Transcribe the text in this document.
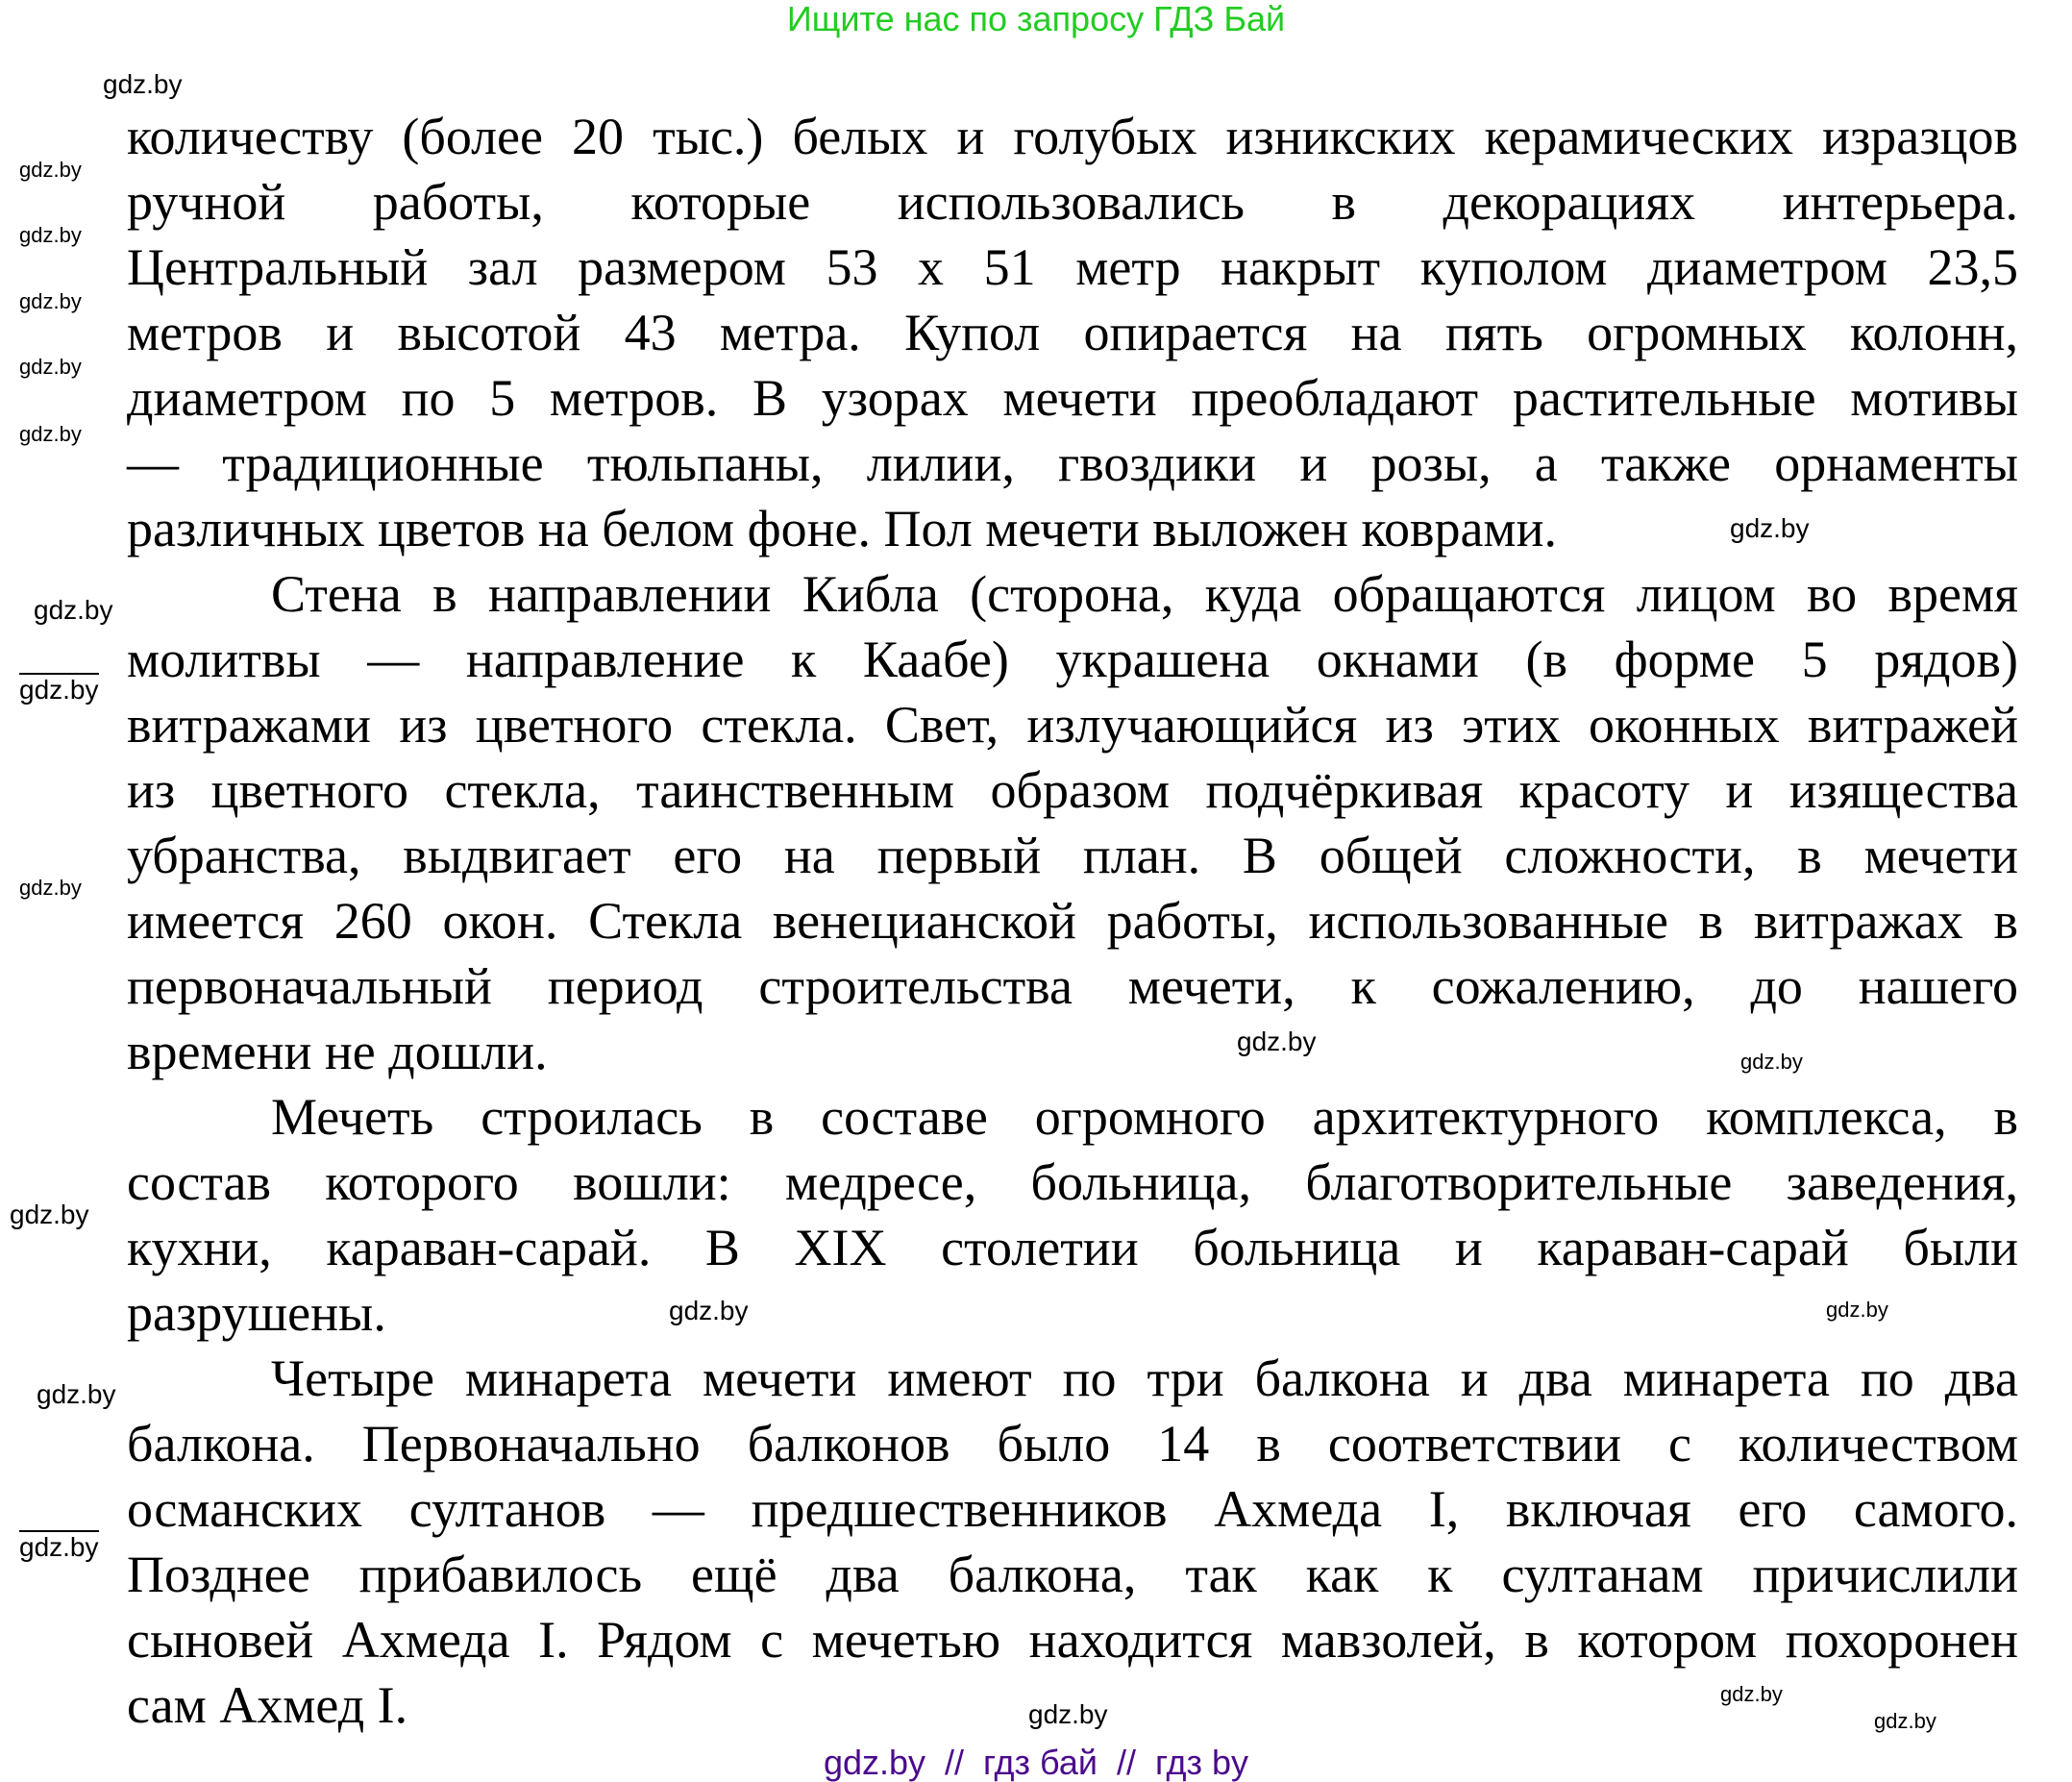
Ищите нас по запросу ГДЗ Бай
количеству (более 20 тыс.) белых и голубых изникских керамических изразцов
ручной работы, которые использовались в декорациях интерьера.
Центральный зал размером 53 х 51 метр накрыт куполом диаметром 23,5
метров и высотой 43 метра. Купол опирается на пять огромных колонн,
диаметром по 5 метров. В узорах мечети преобладают растительные мотивы
— традиционные тюльпаны, лилии, гвоздики и розы, а также орнаменты
различных цветов на белом фоне. Пол мечети выложен коврами.
Стена в направлении Кибла (сторона, куда обращаются лицом во время
молитвы — направление к Каабе) украшена окнами (в форме 5 рядов)
витражами из цветного стекла. Свет, излучающийся из этих оконных витражей
из цветного стекла, таинственным образом подчёркивая красоту и изящества
убранства, выдвигает его на первый план. В общей сложности, в мечети
имеется 260 окон. Стекла венецианской работы, использованные в витражах в
первоначальный период строительства мечети, к сожалению, до нашего
времени не дошли.
Мечеть строилась в составе огромного архитектурного комплекса, в
состав которого вошли: медресе, больница, благотворительные заведения,
кухни, караван-сарай. В XIX столетии больница и караван-сарай были
разрушены.
Четыре минарета мечети имеют по три балкона и два минарета по два
балкона. Первоначально балконов было 14 в соответствии с количеством
османских султанов — предшественников Ахмеда I, включая его самого.
Позднее прибавилось ещё два балкона, так как к султанам причислили
сыновей Ахмеда I. Рядом с мечетью находится мавзолей, в котором похоронен
сам Ахмед I.
gdz.by
gdz.by
gdz.by
gdz.by
gdz.by
gdz.by
gdz.by
gdz.by
gdz.by
gdz.by
gdz.by
gdz.by
gdz.by
gdz.by
gdz.by
gdz.by
gdz.by
gdz.by
gdz.by
gdz.by
gdz.by  //  гдз бай  //  гдз by
